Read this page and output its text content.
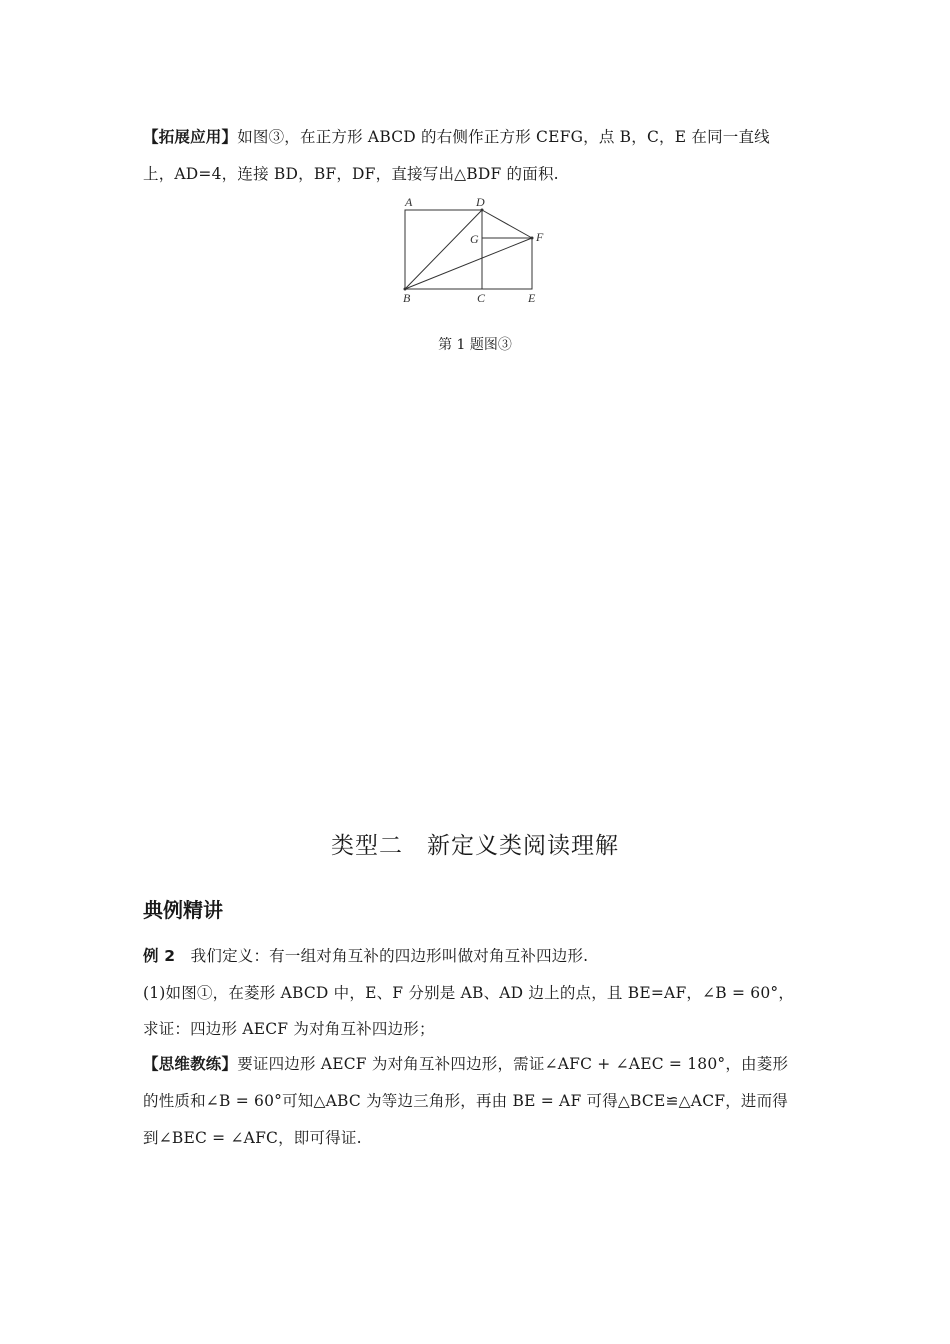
【拓展应用】如图③，在正方形 ABCD 的右侧作正方形 CEFG，点 B，C，E 在同一直线
上，AD=4，连接 BD，BF，DF，直接写出△BDF 的面积.
A	D
G	F
B	C	E
第 1 题图③
类型二　新定义类阅读理解
典例精讲
例 2 我们定义：有一组对角互补的四边形叫做对角互补四边形.
(1)如图①，在菱形 ABCD 中，E、F 分别是 AB、AD 边上的点，且 BE=AF，∠B = 60°，
求证：四边形 AECF 为对角互补四边形；
【思维教练】要证四边形 AECF 为对角互补四边形，需证∠AFC + ∠AEC = 180°，由菱形
的性质和∠B = 60°可知△ABC 为等边三角形，再由 BE = AF 可得△BCE≌△ACF，进而得
到∠BEC = ∠AFC，即可得证.
